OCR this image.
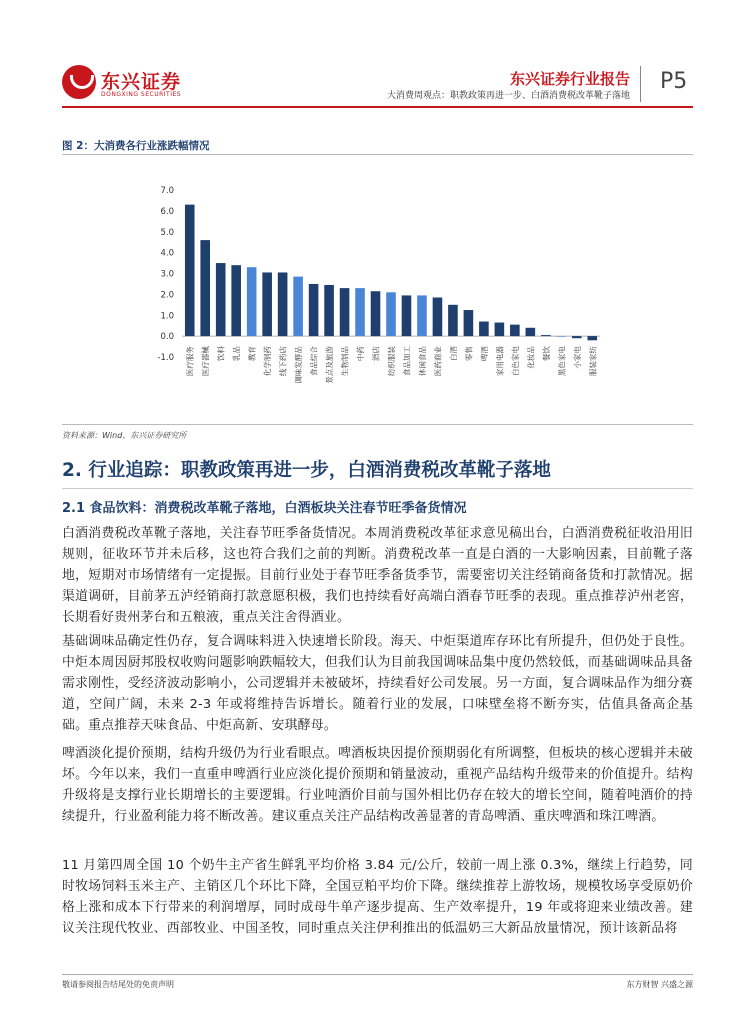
东兴证券
DONGXING SECURITIES
东兴证券行业报告
大消费周观点：职教政策再进一步、白酒消费税改革靴子落地
P5
图 2：大消费各行业涨跌幅情况
7.0
6.0
5.0
4.0
3.0
2.0
1.0
0.0
-1.0 医疗服务 医疗器械 饮料 乳品 教育 化学制药 线下药店 调味发酵品 食品综合 景点及旅游 生物制品 中药 酒店 纺织服装 食品加工 休闲食品 医药商业 白酒 零售 啤酒 家用电器 白色家电 化妆品 餐饮 黑色家电 小家电 服装家纺
资料来源：Wind、东兴证券研究所
2. 行业追踪：职教政策再进一步，白酒消费税改革靴子落地
2.1 食品饮料：消费税改革靴子落地，白酒板块关注春节旺季备货情况
白酒消费税改革靴子落地，关注春节旺季备货情况。本周消费税改革征求意见稿出台，白酒消费税征收沿用旧规则，征收环节并未后移，这也符合我们之前的判断。消费税改革一直是白酒的一大影响因素，目前靴子落地，短期对市场情绪有一定提振。目前行业处于春节旺季备货季节，需要密切关注经销商备货和打款情况。据渠道调研，目前茅五泸经销商打款意愿积极，我们也持续看好高端白酒春节旺季的表现。重点推荐泸州老窖，长期看好贵州茅台和五粮液，重点关注舍得酒业。
基础调味品确定性仍存，复合调味料进入快速增长阶段。海天、中炬渠道库存环比有所提升，但仍处于良性。中炬本周因厨邦股权收购问题影响跌幅较大，但我们认为目前我国调味品集中度仍然较低，而基础调味品具备需求刚性，受经济波动影响小，公司逻辑并未被破坏，持续看好公司发展。另一方面，复合调味品作为细分赛道，空间广阔，未来 2-3 年或将维持告诉增长。随着行业的发展，口味壁垒将不断夯实，估值具备高企基础。重点推荐天味食品、中炬高新、安琪酵母。
啤酒淡化提价预期，结构升级仍为行业看眼点。啤酒板块因提价预期弱化有所调整，但板块的核心逻辑并未破坏。今年以来，我们一直重申啤酒行业应淡化提价预期和销量波动，重视产品结构升级带来的价值提升。结构升级将是支撑行业长期增长的主要逻辑。行业吨酒价目前与国外相比仍存在较大的增长空间，随着吨酒价的持续提升，行业盈利能力将不断改善。建议重点关注产品结构改善显著的青岛啤酒、重庆啤酒和珠江啤酒。
11 月第四周全国 10 个奶牛主产省生鲜乳平均价格 3.84 元/公斤，较前一周上涨 0.3%，继续上行趋势，同时牧场饲料玉米主产、主销区几个环比下降，全国豆粕平均价下降。继续推荐上游牧场，规模牧场享受原奶价格上涨和成本下行带来的利润增厚，同时成母牛单产逐步提高、生产效率提升，19 年或将迎来业绩改善。建议关注现代牧业、西部牧业、中国圣牧，同时重点关注伊利推出的低温奶三大新品放量情况，预计该新品将
敬请参阅报告结尾处的免责声明	东方财智 兴盛之源
